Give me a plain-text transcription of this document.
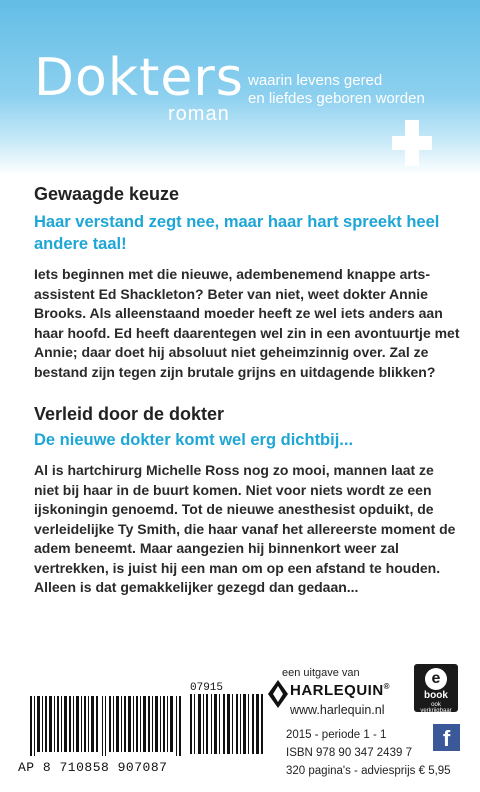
Dokters
roman
waarin levens gered
en liefdes geboren worden
Gewaagde keuze
Haar verstand zegt nee, maar haar hart spreekt heel andere taal!
Iets beginnen met die nieuwe, adembenemend knappe arts-assistent Ed Shackleton? Beter van niet, weet dokter Annie Brooks. Als alleenstaand moeder heeft ze wel iets anders aan haar hoofd. Ed heeft daarentegen wel zin in een avontuurtje met Annie; daar doet hij absoluut niet geheimzinnig over. Zal ze bestand zijn tegen zijn brutale grijns en uitdagende blikken?
Verleid door de dokter
De nieuwe dokter komt wel erg dichtbij...
Al is hartchirurg Michelle Ross nog zo mooi, mannen laat ze niet bij haar in de buurt komen. Niet voor niets wordt ze een ijskoningin genoemd. Tot de nieuwe anesthesist opduikt, de verleidelijke Ty Smith, die haar vanaf het allereerste moment de adem beneemt. Maar aangezien hij binnenkort weer zal vertrekken, is juist hij een man om op een afstand te houden. Alleen is dat gemakkelijker gezegd dan gedaan...
AP 8 710858 907087
07915
een uitgave van
HARLEQUIN®
www.harlequin.nl
e
book
ook verkrijgbaar
2015 - periode 1 - 1
ISBN 978 90 347 2439 7
320 pagina's - adviesprijs € 5,95
f
